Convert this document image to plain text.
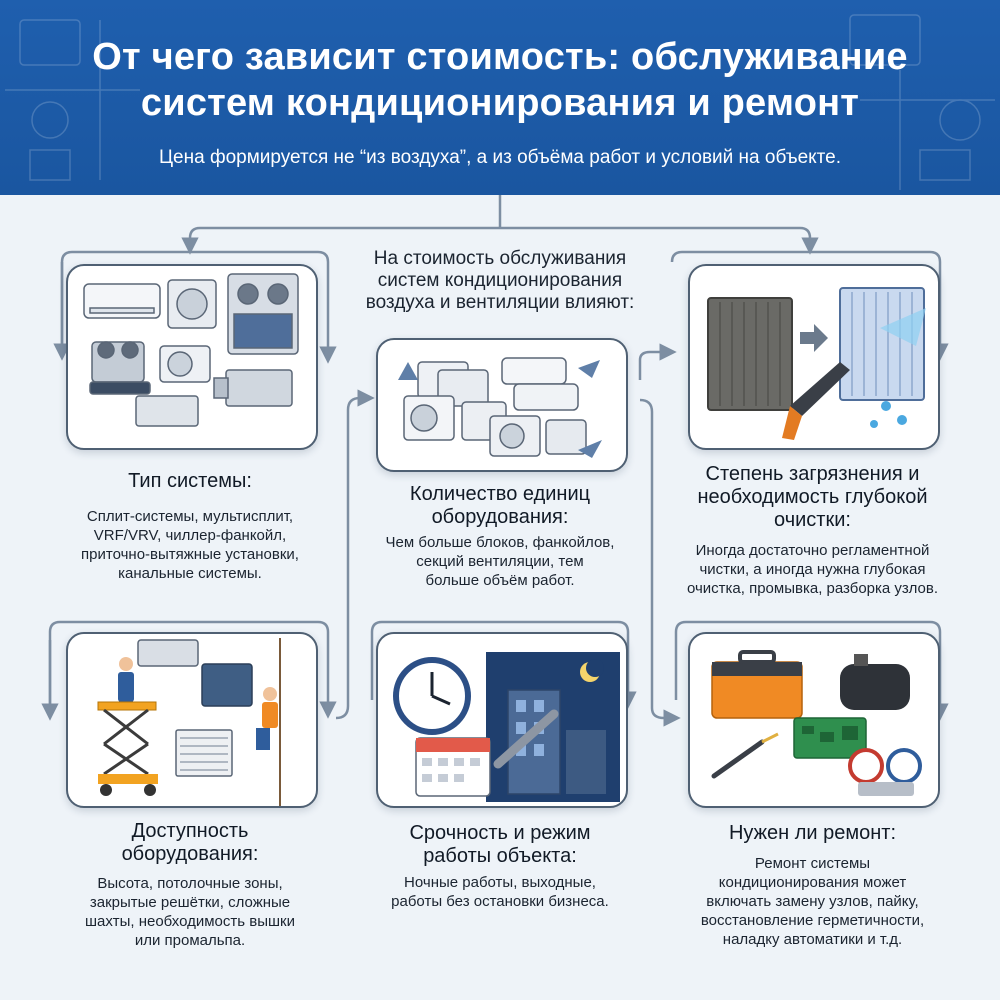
От чего зависит стоимость: обслуживание
систем кондиционирования и ремонт
Цена формируется не “из воздуха”, а из объёма работ и условий на объекте.
На стоимость обслуживания
систем кондиционирования
воздуха и вентиляции влияют:
Тип системы:
Сплит-системы, мультисплит,
VRF/VRV, чиллер-фанкойл,
приточно-вытяжные установки,
канальные системы.
Количество единиц
оборудования:
Чем больше блоков, фанкойлов,
секций вентиляции, тем
больше объём работ.
Степень загрязнения и
необходимость глубокой
очистки:
Иногда достаточно регламентной
чистки, а иногда нужна глубокая
очистка, промывка, разборка узлов.
Доступность
оборудования:
Высота, потолочные зоны,
закрытые решётки, сложные
шахты, необходимость вышки
или промальпа.
Срочность и режим
работы объекта:
Ночные работы, выходные,
работы без остановки бизнеса.
Нужен ли ремонт:
Ремонт системы
кондиционирования может
включать замену узлов, пайку,
восстановление герметичности,
наладку автоматики и т.д.
